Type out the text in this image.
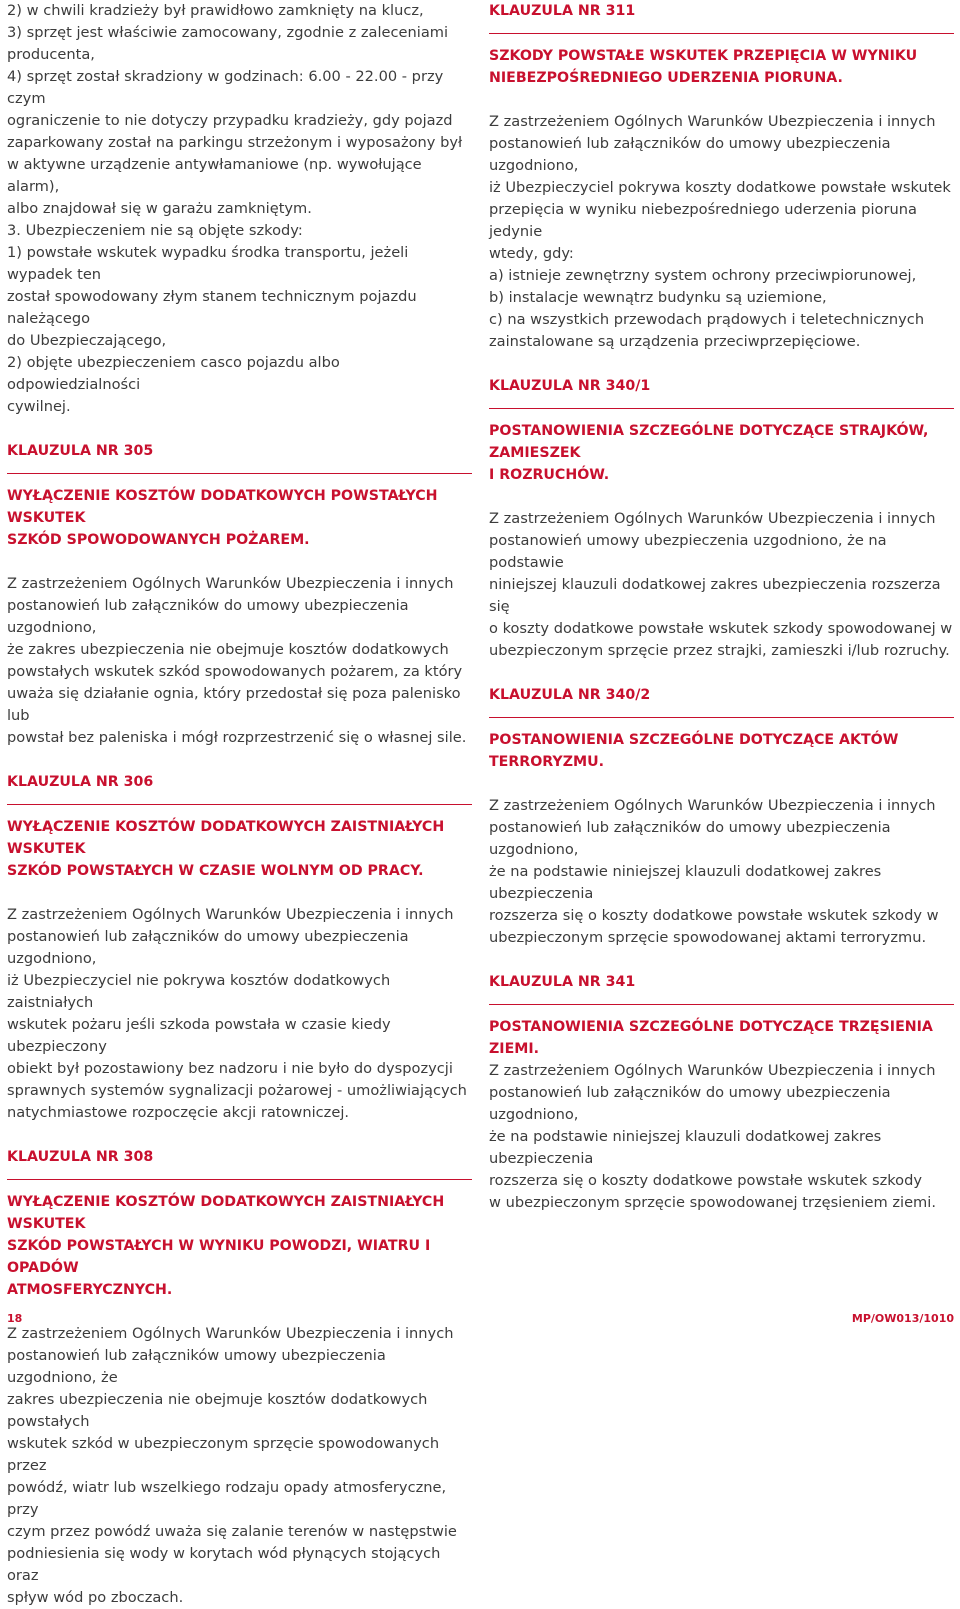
2) w chwili kradzieży był prawidłowo zamknięty na klucz,

3) sprzęt jest właściwie zamocowany, zgodnie z zaleceniami

producenta,

4) sprzęt został skradziony w godzinach: 6.00 - 22.00 - przy czym

ograniczenie to nie dotyczy przypadku kradzieży, gdy pojazd

zaparkowany został na parkingu strzeżonym i wyposażony był

w aktywne urządzenie antywłamaniowe (np. wywołujące alarm),

albo znajdował się w garażu zamkniętym.

3. Ubezpieczeniem nie są objęte szkody:

1) powstałe wskutek wypadku środka transportu, jeżeli wypadek ten

został spowodowany złym stanem technicznym pojazdu należącego

do Ubezpieczającego,

2) objęte ubezpieczeniem casco pojazdu albo odpowiedzialności

cywilnej.

KLAUZULA NR 305

WYŁĄCZENIE KOSZTÓW DODATKOWYCH POWSTAŁYCH WSKUTEK

SZKÓD SPOWODOWANYCH POŻAREM.

Z zastrzeżeniem Ogólnych Warunków Ubezpieczenia i innych

postanowień lub załączników do umowy ubezpieczenia uzgodniono,

że zakres ubezpieczenia nie obejmuje kosztów dodatkowych

powstałych wskutek szkód spowodowanych pożarem, za który

uważa się działanie ognia, który przedostał się poza palenisko lub

powstał bez paleniska i mógł rozprzestrzenić się o własnej sile.

KLAUZULA NR 306

WYŁĄCZENIE KOSZTÓW DODATKOWYCH ZAISTNIAŁYCH WSKUTEK

SZKÓD POWSTAŁYCH W CZASIE WOLNYM OD PRACY.

Z zastrzeżeniem Ogólnych Warunków Ubezpieczenia i innych

postanowień lub załączników do umowy ubezpieczenia uzgodniono,

iż Ubezpieczyciel nie pokrywa kosztów dodatkowych zaistniałych

wskutek pożaru jeśli szkoda powstała w czasie kiedy ubezpieczony

obiekt był pozostawiony bez nadzoru i nie było do dyspozycji

sprawnych systemów sygnalizacji pożarowej - umożliwiających

natychmiastowe rozpoczęcie akcji ratowniczej.

KLAUZULA NR 308

WYŁĄCZENIE KOSZTÓW DODATKOWYCH ZAISTNIAŁYCH WSKUTEK

SZKÓD POWSTAŁYCH W WYNIKU POWODZI, WIATRU I OPADÓW

ATMOSFERYCZNYCH.

Z zastrzeżeniem Ogólnych Warunków Ubezpieczenia i innych

postanowień lub załączników umowy ubezpieczenia uzgodniono, że

zakres ubezpieczenia nie obejmuje kosztów dodatkowych powstałych

wskutek szkód w ubezpieczonym sprzęcie spowodowanych przez

powódź, wiatr lub wszelkiego rodzaju opady atmosferyczne, przy

czym przez powódź uważa się zalanie terenów w następstwie

podniesienia się wody w korytach wód płynących stojących oraz

spływ wód po zboczach.

KLAUZULA NR 311

SZKODY POWSTAŁE WSKUTEK PRZEPIĘCIA W WYNIKU

NIEBEZPOŚREDNIEGO UDERZENIA PIORUNA.

Z zastrzeżeniem Ogólnych Warunków Ubezpieczenia i innych

postanowień lub załączników do umowy ubezpieczenia uzgodniono,

iż Ubezpieczyciel pokrywa koszty dodatkowe powstałe wskutek

przepięcia w wyniku niebezpośredniego uderzenia pioruna jedynie

wtedy, gdy:

a) istnieje zewnętrzny system ochrony przeciwpiorunowej,

b) instalacje wewnątrz budynku są uziemione,

c) na wszystkich przewodach prądowych i teletechnicznych

zainstalowane są urządzenia przeciwprzepięciowe.

KLAUZULA NR 340/1

POSTANOWIENIA SZCZEGÓLNE DOTYCZĄCE STRAJKÓW, ZAMIESZEK

I ROZRUCHÓW.

Z zastrzeżeniem Ogólnych Warunków Ubezpieczenia i innych

postanowień umowy ubezpieczenia uzgodniono, że na podstawie

niniejszej klauzuli dodatkowej zakres ubezpieczenia rozszerza się

o koszty dodatkowe powstałe wskutek szkody spowodowanej w

ubezpieczonym sprzęcie przez strajki, zamieszki i/lub rozruchy.

KLAUZULA NR 340/2

POSTANOWIENIA SZCZEGÓLNE DOTYCZĄCE AKTÓW TERRORYZMU.

Z zastrzeżeniem Ogólnych Warunków Ubezpieczenia i innych

postanowień lub załączników do umowy ubezpieczenia uzgodniono,

że na podstawie niniejszej klauzuli dodatkowej zakres ubezpieczenia

rozszerza się o koszty dodatkowe powstałe wskutek szkody w

ubezpieczonym sprzęcie spowodowanej aktami terroryzmu.

KLAUZULA NR 341

POSTANOWIENIA SZCZEGÓLNE DOTYCZĄCE TRZĘSIENIA ZIEMI.

Z zastrzeżeniem Ogólnych Warunków Ubezpieczenia i innych

postanowień lub załączników do umowy ubezpieczenia uzgodniono,

że na podstawie niniejszej klauzuli dodatkowej zakres ubezpieczenia

rozszerza się o koszty dodatkowe powstałe wskutek szkody

w ubezpieczonym sprzęcie spowodowanej trzęsieniem ziemi.

18	MP/OW013/1010
